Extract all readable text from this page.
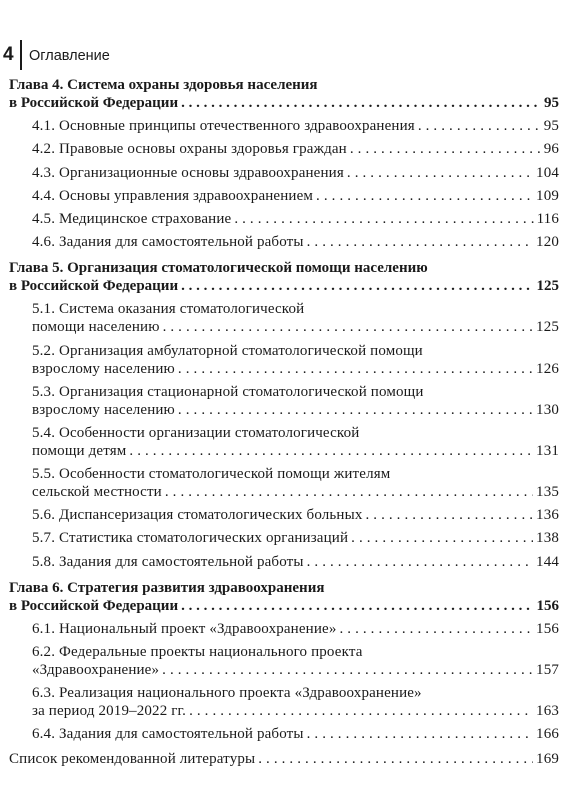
4 Оглавление
Глава 4. Система охраны здоровья населения
в Российской Федерации . . .	95
4.1. Основные принципы отечественного здравоохранения . . .	95
4.2. Правовые основы охраны здоровья граждан . . .	96
4.3. Организационные основы здравоохранения . . .	104
4.4. Основы управления здравоохранением . . .	109
4.5. Медицинское страхование . . .	116
4.6. Задания для самостоятельной работы . . .	120
Глава 5. Организация стоматологической помощи населению
в Российской Федерации . . .	125
5.1. Система оказания стоматологической
помощи населению . . .	125
5.2. Организация амбулаторной стоматологической помощи
взрослому населению . . .	126
5.3. Организация стационарной стоматологической помощи
взрослому населению . . .	130
5.4. Особенности организации стоматологической
помощи детям . . .	131
5.5. Особенности стоматологической помощи жителям
сельской местности . . .	135
5.6. Диспансеризация стоматологических больных . . .	136
5.7. Статистика стоматологических организаций . . .	138
5.8. Задания для самостоятельной работы . . .	144
Глава 6. Стратегия развития здравоохранения
в Российской Федерации . . .	156
6.1. Национальный проект «Здравоохранение» . . .	156
6.2. Федеральные проекты национального проекта
«Здравоохранение» . . .	157
6.3. Реализация национального проекта «Здравоохранение»
за период 2019–2022 гг. . . .	163
6.4. Задания для самостоятельной работы . . .	166
Список рекомендованной литературы . . .	169
